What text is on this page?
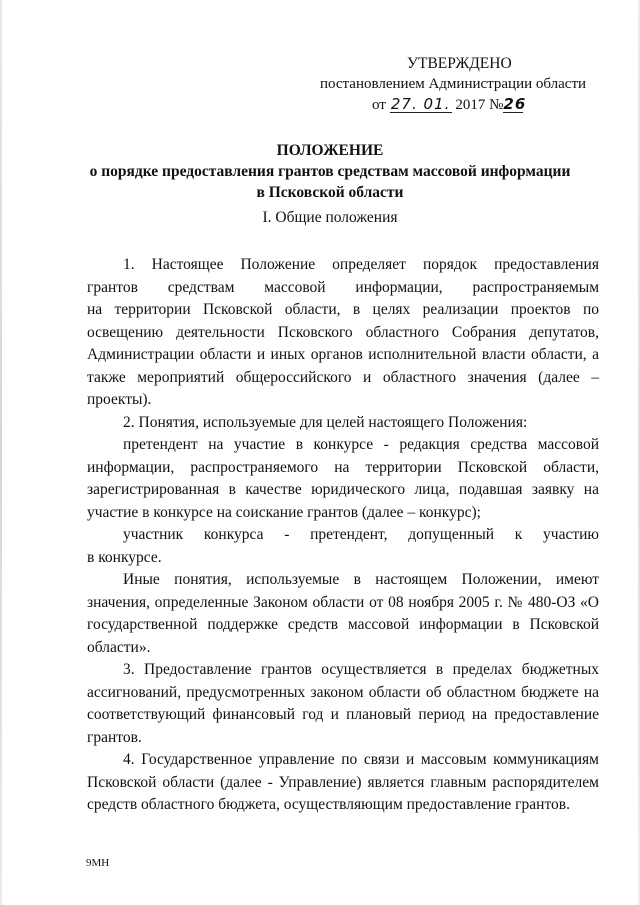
УТВЕРЖДЕНО
постановлением Администрации области
от 27. 01. 2017 №26
ПОЛОЖЕНИЕ
о порядке предоставления грантов средствам массовой информации
в Псковской области
I. Общие положения

1. Настоящее Положение определяет порядок предоставления

грантов средствам массовой информации, распространяемым

на территории Псковской области, в целях реализации проектов по освещению деятельности Псковского областного Собрания депутатов, Администрации области и иных органов исполнительной власти области, а также мероприятий общероссийского и областного значения (далее – проекты).

2. Понятия, используемые для целей настоящего Положения:

претендент на участие в конкурсе - редакция средства массовой информации, распространяемого на территории Псковской области, зарегистрированная в качестве юридического лица, подавшая заявку на участие в конкурсе на соискание грантов (далее – конкурс);

участник конкурса - претендент, допущенный к участию

в конкурсе.

Иные понятия, используемые в настоящем Положении, имеют значения, определенные Законом области от 08 ноября 2005 г. № 480-ОЗ «О государственной поддержке средств массовой информации в Псковской области».

3. Предоставление грантов осуществляется в пределах бюджетных ассигнований, предусмотренных законом области об областном бюджете на соответствующий финансовый год и плановый период на предоставление грантов.

4. Государственное управление по связи и массовым коммуникациям Псковской области (далее - Управление) является главным распорядителем средств областного бюджета, осуществляющим предоставление грантов.

9МН
